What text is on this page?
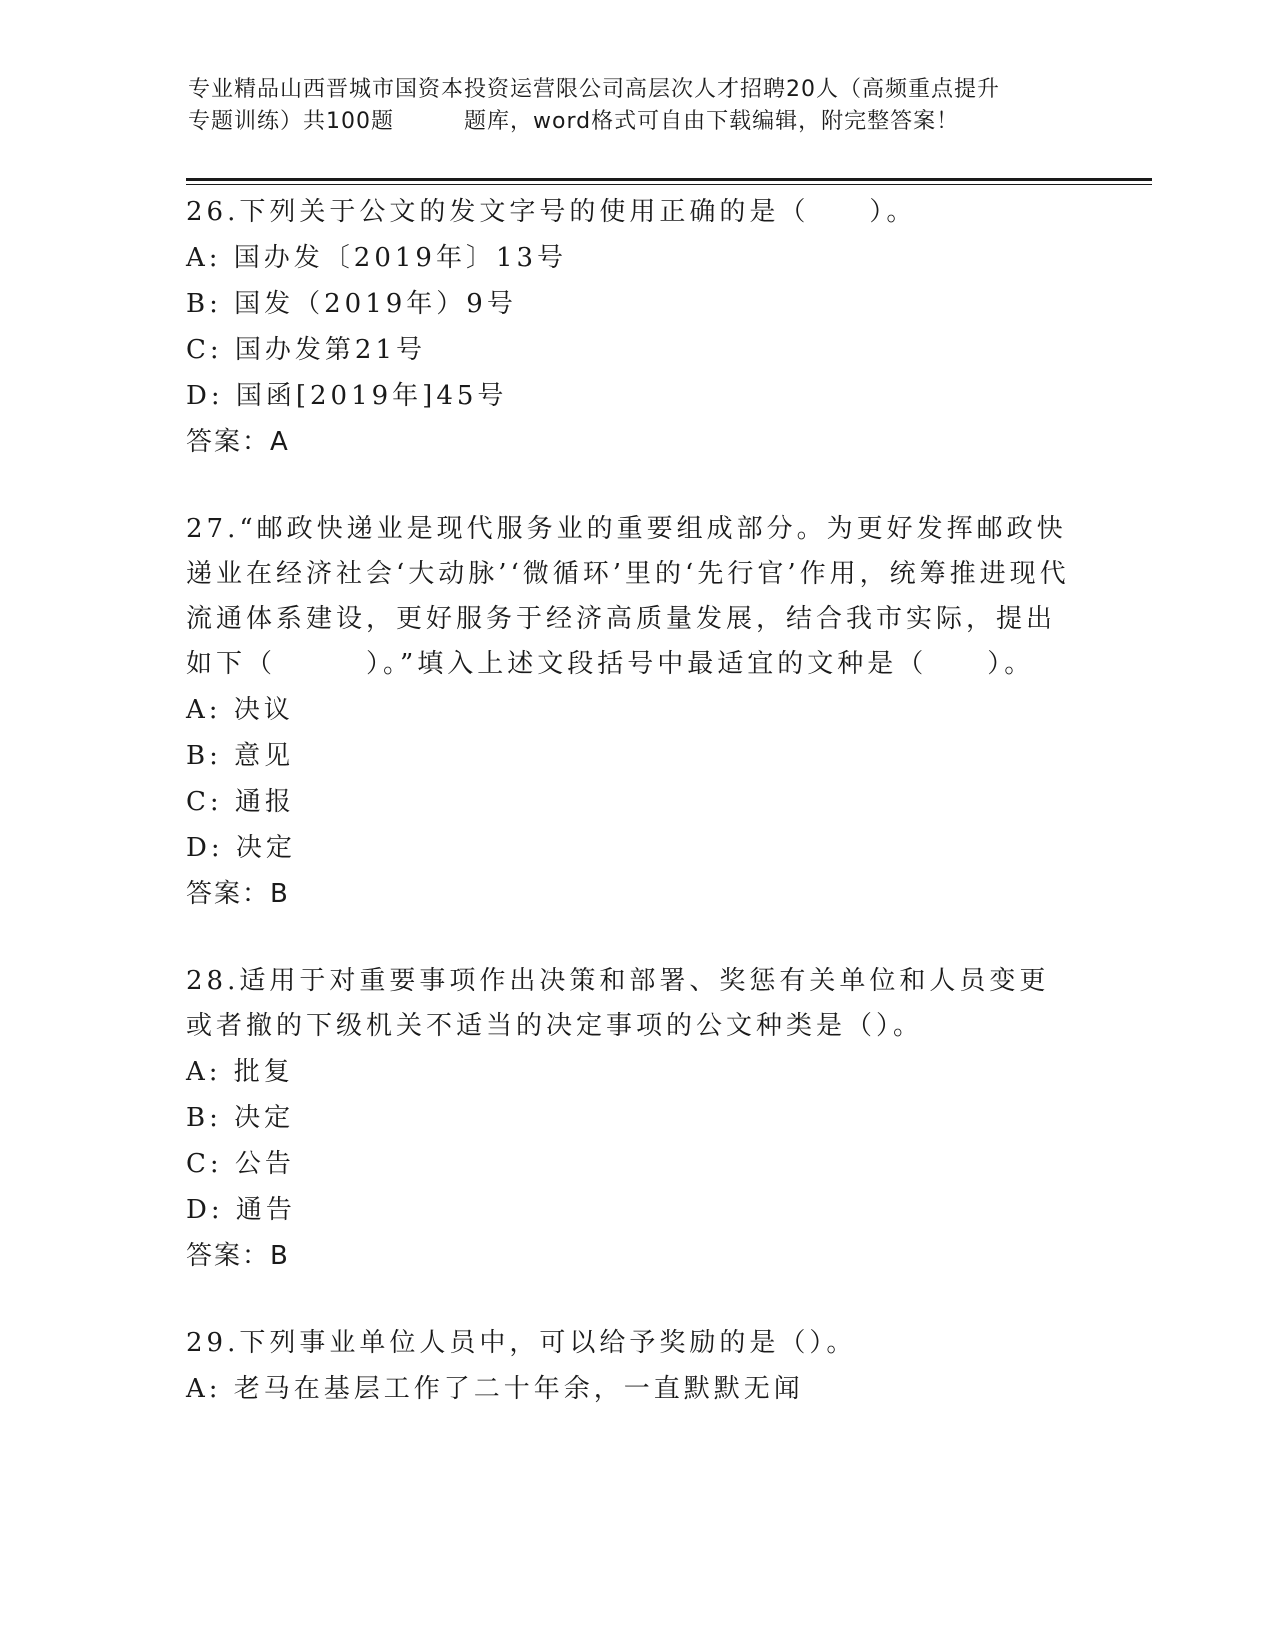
专业精品山西晋城市国资本投资运营限公司高层次人才招聘20人（高频重点提升
专题训练）共100题	题库，word格式可自由下载编辑，附完整答案！
26.下列关于公文的发文字号的使用正确的是（　　）。
A: 国办发〔2019年〕13号
B: 国发（2019年）9号
C: 国办发第21号
D: 国函[2019年]45号
答案：A
27.“邮政快递业是现代服务业的重要组成部分。为更好发挥邮政快递业在经济社会‘大动脉’‘微循环’里的‘先行官’作用，统筹推进现代流通体系建设，更好服务于经济高质量发展，结合我市实际，提出如下（　　　）。”填入上述文段括号中最适宜的文种是（　　）。
A: 决议
B: 意见
C: 通报
D: 决定
答案：B
28.适用于对重要事项作出决策和部署、奖惩有关单位和人员变更或者撤的下级机关不适当的决定事项的公文种类是（）。
A: 批复
B: 决定
C: 公告
D: 通告
答案：B
29.下列事业单位人员中，可以给予奖励的是（）。
A: 老马在基层工作了二十年余，一直默默无闻
